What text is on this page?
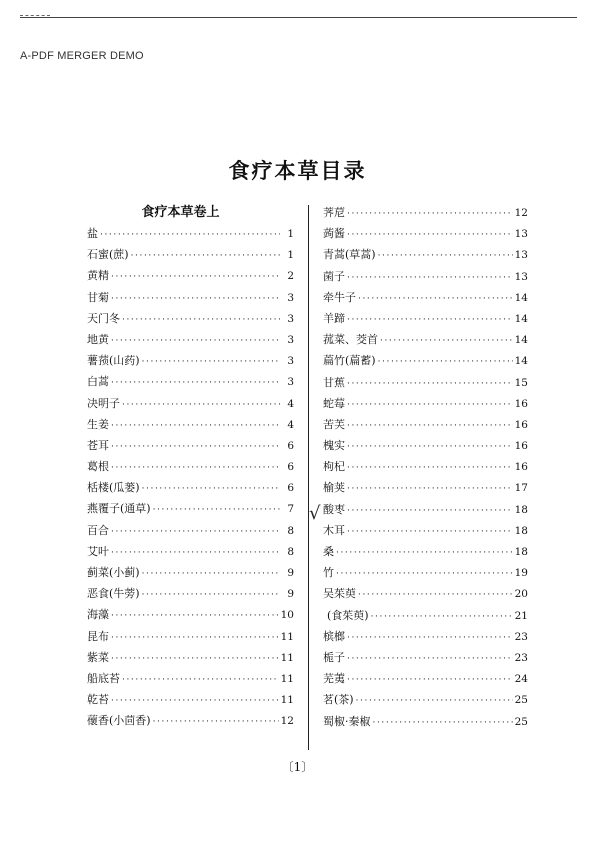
A-PDF MERGER DEMO
食疗本草目录
食疗本草卷上
盐 ·····	1
石蜜(蔗) ·····	1
黄精 ·····	2
甘菊 ·····	3
天门冬 ·····	3
地黄 ·····	3
薯蓣(山药) ·····	3
白蒿 ·····	3
决明子 ·····	4
生姜 ·····	4
苍耳 ·····	6
葛根 ·····	6
栝楼(瓜蒌) ·····	6
燕覆子(通草) ·····	7
百合 ·····	8
艾叶 ·····	8
蓟菜(小蓟) ·····	9
恶食(牛蒡) ·····	9
海藻 ·····	10
昆布 ·····	11
紫菜 ·····	11
船底苔 ·····	11
乾苔 ·····	11
蘹香(小茴香) ·····	12
荠苨 ·····	12
蒟酱 ·····	13
青蒿(草蒿) ·····	13
菌子 ·····	13
牵牛子 ·····	14
羊蹄 ·····	14
菰菜、茭首 ·····	14
萹竹(萹蓄) ·····	14
甘蕉 ·····	15
蛇莓 ·····	16
苦芙 ·····	16
槐实 ·····	16
枸杞 ·····	16
榆荚 ·····	17
酸枣 ·····	18
木耳 ·····	18
桑 ·····	18
竹 ·····	19
吴茱萸 ·····	20
(食茱萸) ·····	21
槟榔 ·····	23
栀子 ·····	23
芜荑 ·····	24
茗(茶) ·····	25
蜀椒·秦椒 ·····	25
√
〔1〕
